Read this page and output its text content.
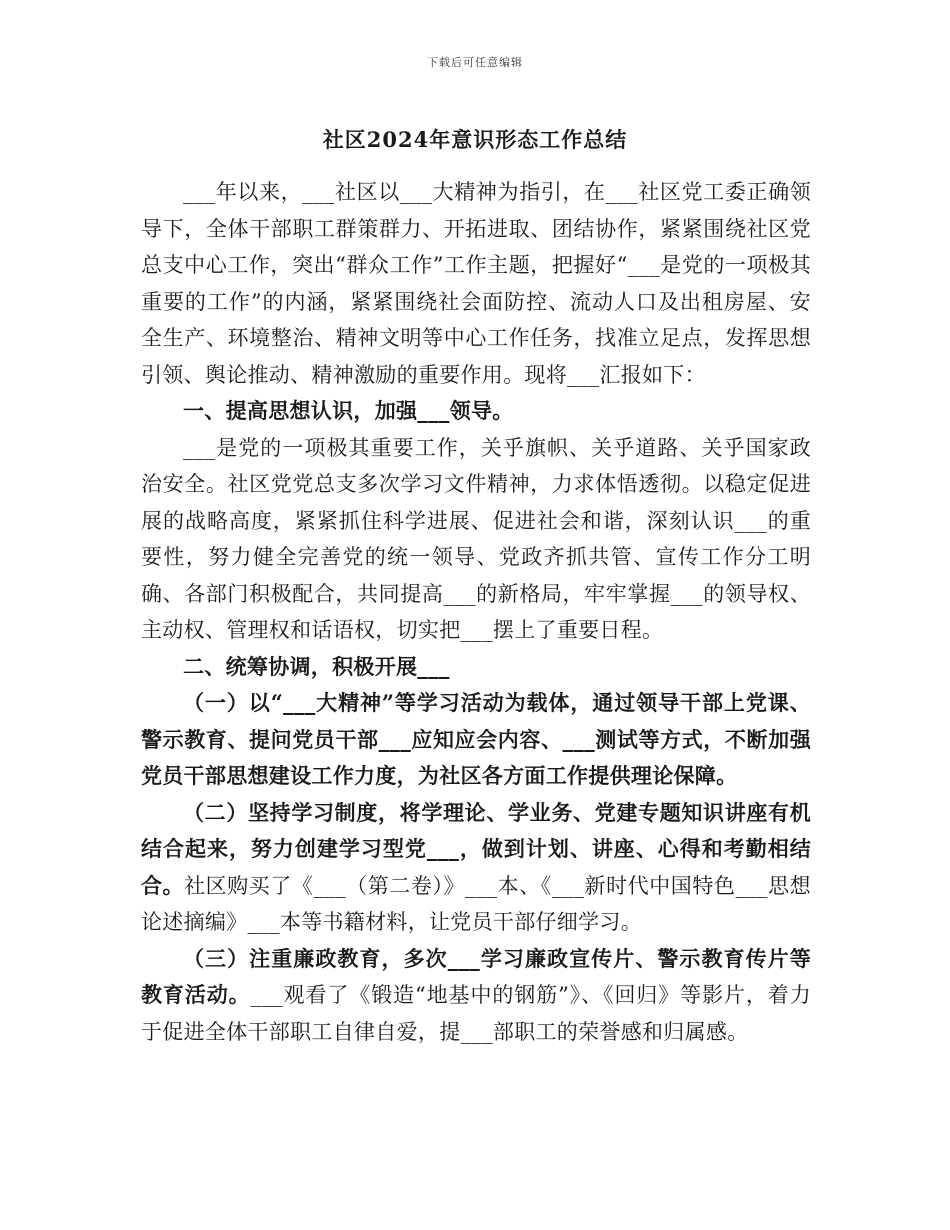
下载后可任意编辑
社区2024年意识形态工作总结

___年以来，___社区以___大精神为指引，在___社区党工委正确领导下，全体干部职工群策群力、开拓进取、团结协作，紧紧围绕社区党总支中心工作，突出“群众工作”工作主题，把握好“___是党的一项极其重要的工作”的内涵，紧紧围绕社会面防控、流动人口及出租房屋、安全生产、环境整治、精神文明等中心工作任务，找准立足点，发挥思想引领、舆论推动、精神激励的重要作用。现将___汇报如下：

一、提高思想认识，加强___领导。

___是党的一项极其重要工作，关乎旗帜、关乎道路、关乎国家政治安全。社区党党总支多次学习文件精神，力求体悟透彻。以稳定促进展的战略高度，紧紧抓住科学进展、促进社会和谐，深刻认识___的重要性，努力健全完善党的统一领导、党政齐抓共管、宣传工作分工明确、各部门积极配合，共同提高___的新格局，牢牢掌握___的领导权、主动权、管理权和话语权，切实把___摆上了重要日程。

二、统筹协调，积极开展___

（一）以“___大精神”等学习活动为载体，通过领导干部上党课、警示教育、提问党员干部___应知应会内容、___测试等方式，不断加强党员干部思想建设工作力度，为社区各方面工作提供理论保障。

（二）坚持学习制度，将学理论、学业务、党建专题知识讲座有机结合起来，努力创建学习型党___，做到计划、讲座、心得和考勤相结合。社区购买了《___（第二卷）》___本、《___新时代中国特色___思想论述摘编》___本等书籍材料，让党员干部仔细学习。

（三）注重廉政教育，多次___学习廉政宣传片、警示教育传片等教育活动。___观看了《锻造“地基中的钢筋”》、《回归》等影片，着力于促进全体干部职工自律自爱，提___部职工的荣誉感和归属感。
